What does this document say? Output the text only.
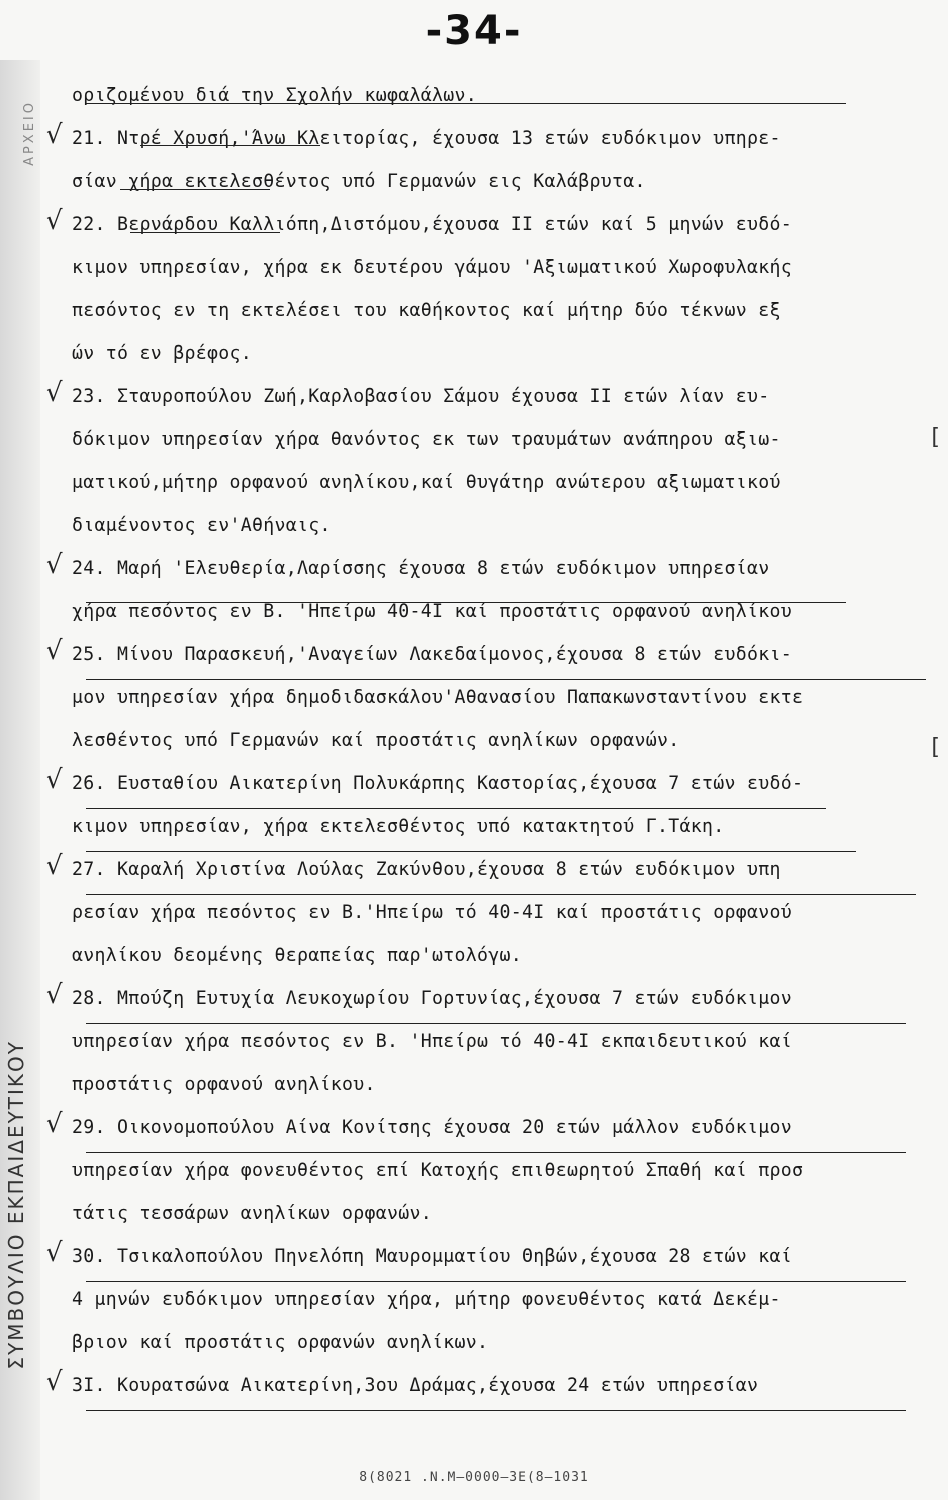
-34-
ΑΡΧΕΙΟ
ΣΥΜΒΟΥΛΙΟ ΕΚΠΑΙΔΕΥΤΙΚΟΥ
√
√
√
√
√
√
√
√
√
√
√
οριζομένου διά την Σχολήν κωφαλάλων.
21. Ντρέ Χρυσή,'Άνω Κλειτορίας, έχουσα 13 ετών ευδόκιμον υπηρε-
σίαν χήρα εκτελεσθέντος υπό Γερμανών εις Καλάβρυτα.
22. Βερνάρδου Καλλιόπη,Διστόμου,έχουσα II ετών καί 5 μηνών ευδό-
κιμον υπηρεσίαν, χήρα εκ δευτέρου γάμου 'Αξιωματικού Χωροφυλακής
πεσόντος εν τη εκτελέσει του καθήκοντος καί μήτηρ δύο τέκνων εξ
ών τό εν βρέφος.
23. Σταυροπούλου Ζωή,Καρλοβασίου Σάμου έχουσα II ετών λίαν ευ-
δόκιμον υπηρεσίαν χήρα θανόντος εκ των τραυμάτων ανάπηρου αξιω-
ματικού,μήτηρ ορφανού ανηλίκου,καί θυγάτηρ ανώτερου αξιωματικού
διαμένοντος εν'Αθήναις.
24. Μαρή 'Ελευθερία,Λαρίσσης έχουσα 8 ετών ευδόκιμον υπηρεσίαν
χήρα πεσόντος εν Β. 'Ηπείρω 40-4I καί προστάτις ορφανού ανηλίκου
25. Μίνου Παρασκευή,'Αναγείων Λακεδαίμονος,έχουσα 8 ετών ευδόκι-
μον υπηρεσίαν χήρα δημοδιδασκάλου'Αθανασίου Παπακωνσταντίνου εκτε
λεσθέντος υπό Γερμανών καί προστάτις ανηλίκων ορφανών.
26. Ευσταθίου Αικατερίνη Πολυκάρπης Καστορίας,έχουσα 7 ετών ευδό-
κιμον υπηρεσίαν, χήρα εκτελεσθέντος υπό κατακτητού Γ.Τάκη.
27. Καραλή Χριστίνα Λούλας Ζακύνθου,έχουσα 8 ετών ευδόκιμον υπη
ρεσίαν χήρα πεσόντος εν Β.'Ηπείρω τό 40-4I καί προστάτις ορφανού
ανηλίκου δεομένης θεραπείας παρ'ωτολόγω.
28. Μπούζη Ευτυχία Λευκοχωρίου Γορτυνίας,έχουσα 7 ετών ευδόκιμον
υπηρεσίαν χήρα πεσόντος εν Β. 'Ηπείρω τό 40-4I εκπαιδευτικού καί
προστάτις ορφανού ανηλίκου.
29. Οικονομοπούλου Αίνα Κονίτσης έχουσα 20 ετών μάλλον ευδόκιμον
υπηρεσίαν χήρα φονευθέντος επί Κατοχής επιθεωρητού Σπαθή καί προσ
τάτις τεσσάρων ανηλίκων ορφανών.
30. Τσικαλοπούλου Πηνελόπη Μαυρομματίου Θηβών,έχουσα 28 ετών καί
4 μηνών ευδόκιμον υπηρεσίαν χήρα, μήτηρ φονευθέντος κατά Δεκέμ-
βριον καί προστάτις ορφανών ανηλίκων.
3I. Κουρατσώνα Αικατερίνη,3ου Δράμας,έχουσα 24 ετών υπηρεσίαν
[
[
8(8021 .Ν.Μ—0000—3Ε(8—1031
